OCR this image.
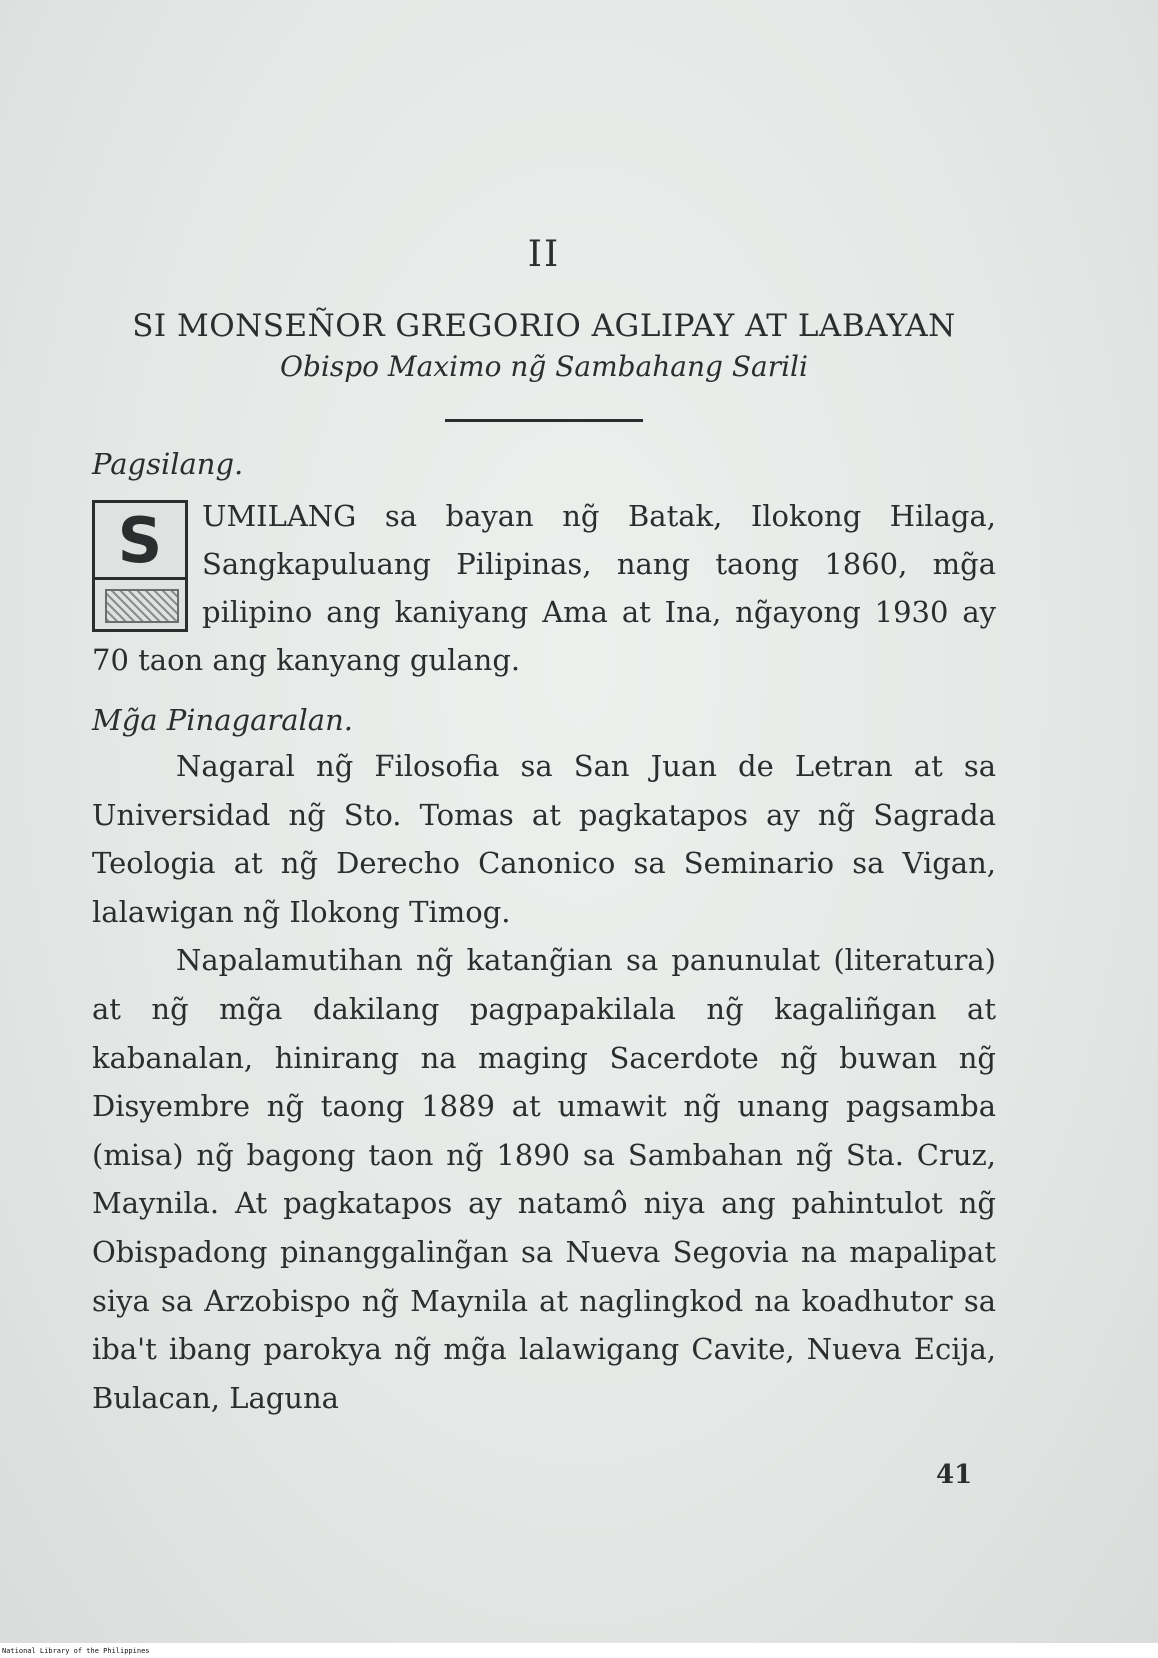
II
SI MONSEÑOR GREGORIO AGLIPAY AT LABAYAN
Obispo Maximo ng̃ Sambahang Sarili
Pagsilang.
S	UMILANG sa bayan ng̃ Batak, Ilokong Hilaga, Sangkapuluang Pilipinas, nang taong 1860, mg̃a pilipino ang kaniyang Ama at Ina, ng̃ayong 1930 ay 70 taon ang kanyang gulang.
Mg̃a Pinagaralan.

Nagaral ng̃ Filosofia sa San Juan de Letran at sa Universidad ng̃ Sto. Tomas at pagkatapos ay ng̃ Sagrada Teologia at ng̃ Derecho Canonico sa Seminario sa Vigan, lalawigan ng̃ Ilokong Timog.

Napalamutihan ng̃ katang̃ian sa panunulat (literatura) at ng̃ mg̃a dakilang pagpapakilala ng̃ kagaliñgan at kabanalan, hinirang na maging Sacerdote ng̃ buwan ng̃ Disyembre ng̃ taong 1889 at umawit ng̃ unang pagsamba (misa) ng̃ bagong taon ng̃ 1890 sa Sambahan ng̃ Sta. Cruz, Maynila. At pagkatapos ay natamô niya ang pahintulot ng̃ Obispadong pinanggaling̃an sa Nueva Segovia na mapalipat siya sa Arzobispo ng̃ Maynila at naglingkod na koadhutor sa iba't ibang parokya ng̃ mg̃a lalawigang Cavite, Nueva Ecija, Bulacan, Laguna

41
National Library of the Philippines
